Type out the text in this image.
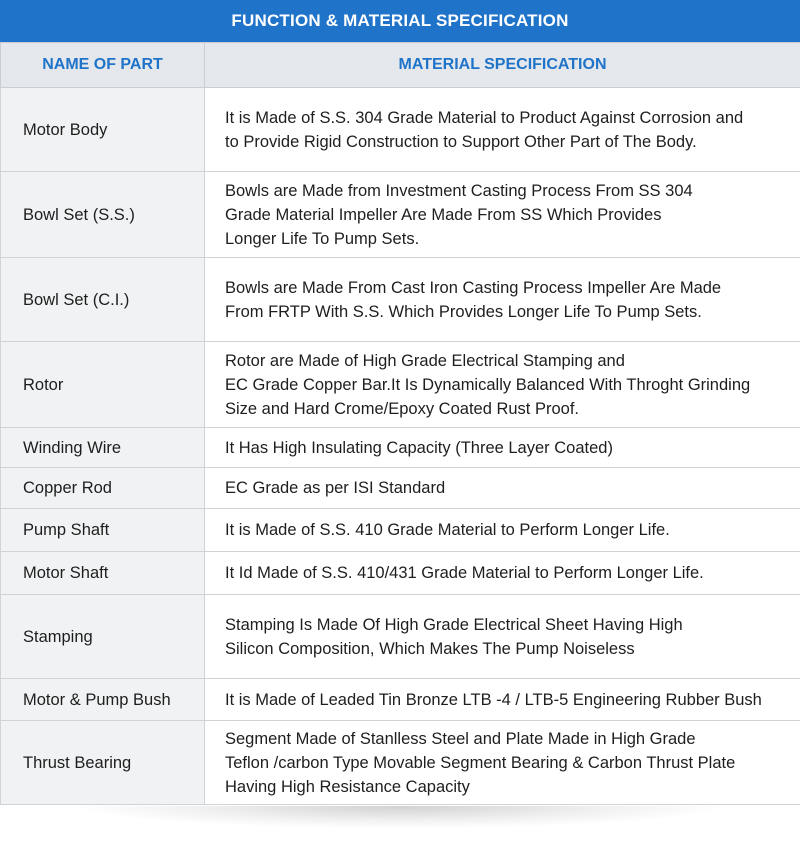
FUNCTION & MATERIAL SPECIFICATION
NAME OF PART	MATERIAL SPECIFICATION
Motor Body	It is Made of S.S. 304 Grade Material to Product Against Corrosion and
to Provide Rigid Construction to Support Other Part of The Body.

Bowl Set (S.S.)	Bowls are Made from Investment Casting Process From SS 304
Grade Material Impeller Are Made From SS Which Provides
Longer Life To Pump Sets.

Bowl Set (C.I.)	Bowls are Made From Cast Iron Casting Process Impeller Are Made
From FRTP With S.S. Which Provides Longer Life To Pump Sets.

Rotor	Rotor are Made of High Grade Electrical Stamping and
EC Grade Copper Bar.It Is Dynamically Balanced With Throght Grinding
Size and Hard Crome/Epoxy Coated Rust Proof.

Winding Wire	It Has High Insulating Capacity (Three Layer Coated)

Copper Rod	EC Grade as per ISI Standard

Pump Shaft	It is Made of S.S. 410 Grade Material to Perform Longer Life.

Motor Shaft	It Id Made of S.S. 410/431 Grade Material to Perform Longer Life.

Stamping	Stamping Is Made Of High Grade Electrical Sheet Having High
Silicon Composition, Which Makes The Pump Noiseless

Motor & Pump Bush	It is Made of Leaded Tin Bronze LTB -4 / LTB-5 Engineering Rubber Bush

Thrust Bearing	Segment Made of Stanlless Steel and Plate Made in High Grade
Teflon /carbon Type Movable Segment Bearing & Carbon Thrust Plate
Having High Resistance Capacity
